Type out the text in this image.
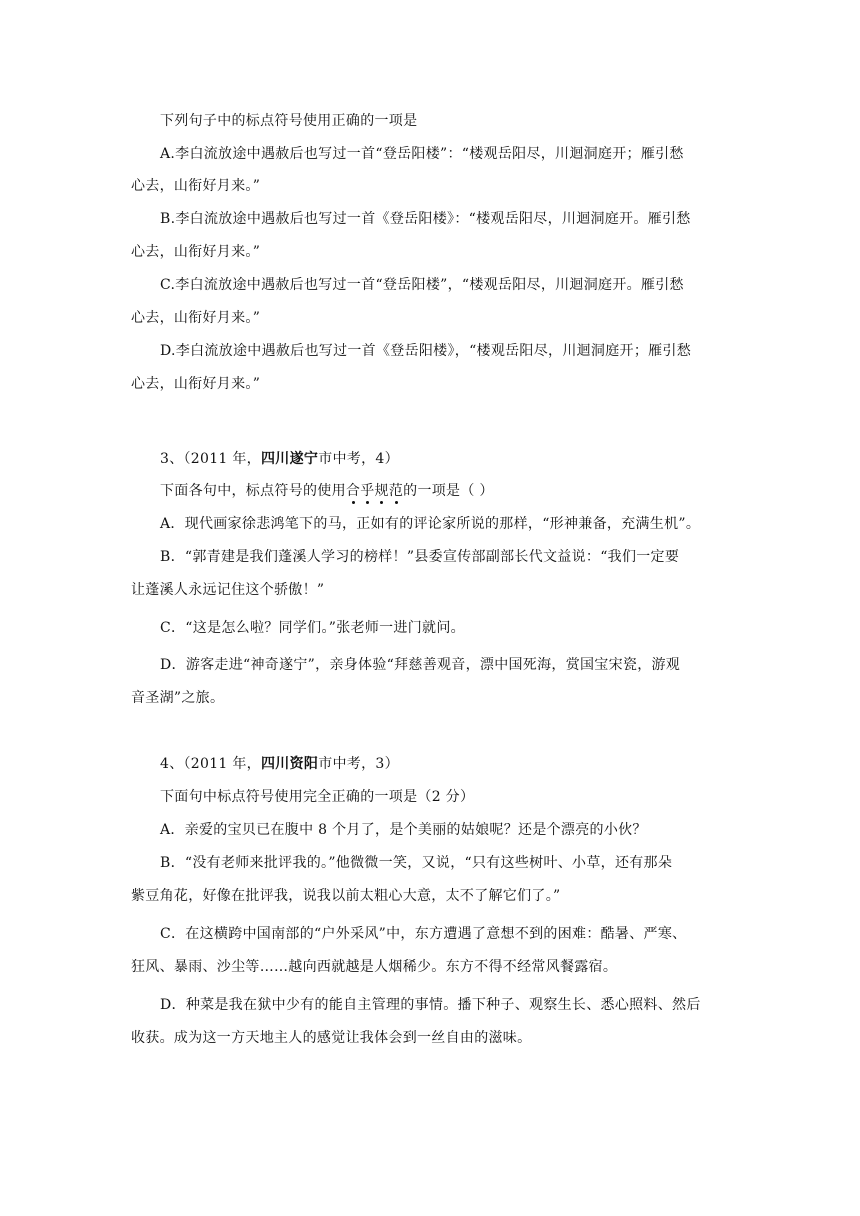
下列句子中的标点符号使用正确的一项是

A.李白流放途中遇赦后也写过一首“登岳阳楼”：“楼观岳阳尽，川迴洞庭开；雁引愁

心去，山衔好月来。”

B.李白流放途中遇赦后也写过一首《登岳阳楼》：“楼观岳阳尽，川迴洞庭开。雁引愁

心去，山衔好月来。”

C.李白流放途中遇赦后也写过一首“登岳阳楼”，“楼观岳阳尽，川迴洞庭开。雁引愁

心去，山衔好月来。”

D.李白流放途中遇赦后也写过一首《登岳阳楼》，“楼观岳阳尽，川迴洞庭开；雁引愁

心去，山衔好月来。”

3、（2011 年，四川遂宁市中考，4）

下面各句中，标点符号的使用合乎规范的一项是（ ）

A．现代画家徐悲鸿笔下的马，正如有的评论家所说的那样，“形神兼备，充满生机”。

B．“郭青建是我们蓬溪人学习的榜样！”县委宣传部副部长代文益说：“我们一定要

让蓬溪人永远记住这个骄傲！”

C．“这是怎么啦？同学们。”张老师一进门就问。

D．游客走进“神奇遂宁”，亲身体验“拜慈善观音，漂中国死海，赏国宝宋瓷，游观

音圣湖”之旅。

4、（2011 年，四川资阳市中考，3）

下面句中标点符号使用完全正确的一项是（2 分）

A．亲爱的宝贝已在腹中 8 个月了，是个美丽的姑娘呢？还是个漂亮的小伙？

B．“没有老师来批评我的。”他微微一笑，又说，“只有这些树叶、小草，还有那朵

紫豆角花，好像在批评我，说我以前太粗心大意，太不了解它们了。”

C．在这横跨中国南部的“户外采风”中，东方遭遇了意想不到的困难：酷暑、严寒、

狂风、暴雨、沙尘等……越向西就越是人烟稀少。东方不得不经常风餐露宿。

D．种菜是我在狱中少有的能自主管理的事情。播下种子、观察生长、悉心照料、然后

收获。成为这一方天地主人的感觉让我体会到一丝自由的滋味。
